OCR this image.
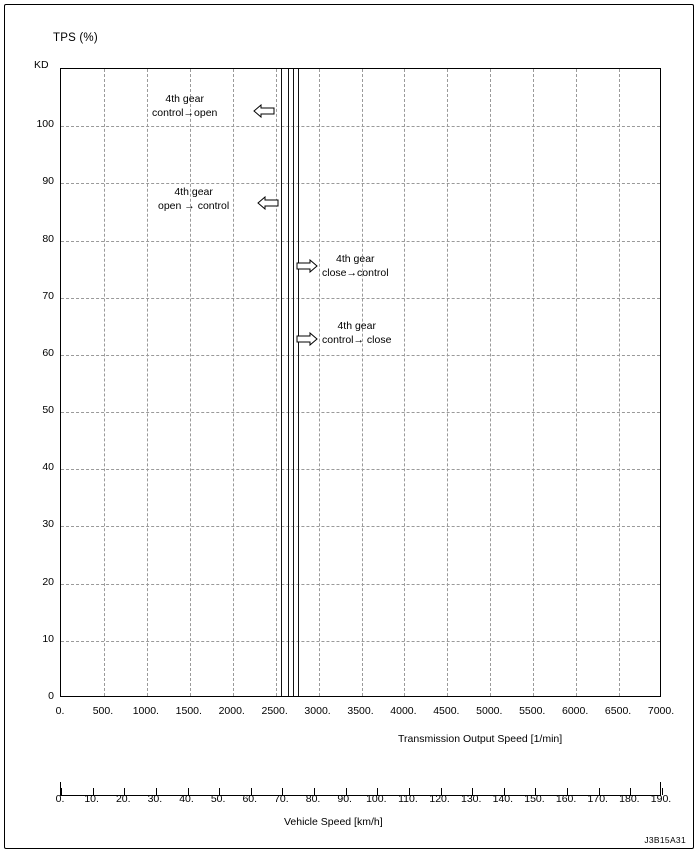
TPS (%)
KD
Transmission Output Speed [1/min]
4th gear
control→open
4th gear
open → control
4th gear
close→control
4th gear
control→ close
Vehicle Speed [km/h]
J3B15A31
0.	500.	1000.	1500.	2000.	2500.	3000.	3500.	4000.	4500.	5000.	5500.	6000.	6500.	7000.
0
10
20
30
40
50
60
70
80
90
100
0.	10.	20.	30.	40.	50.	60.	70.	80.	90.	100.	110.	120.	130.	140.	150.	160.	170.	180.	190.
